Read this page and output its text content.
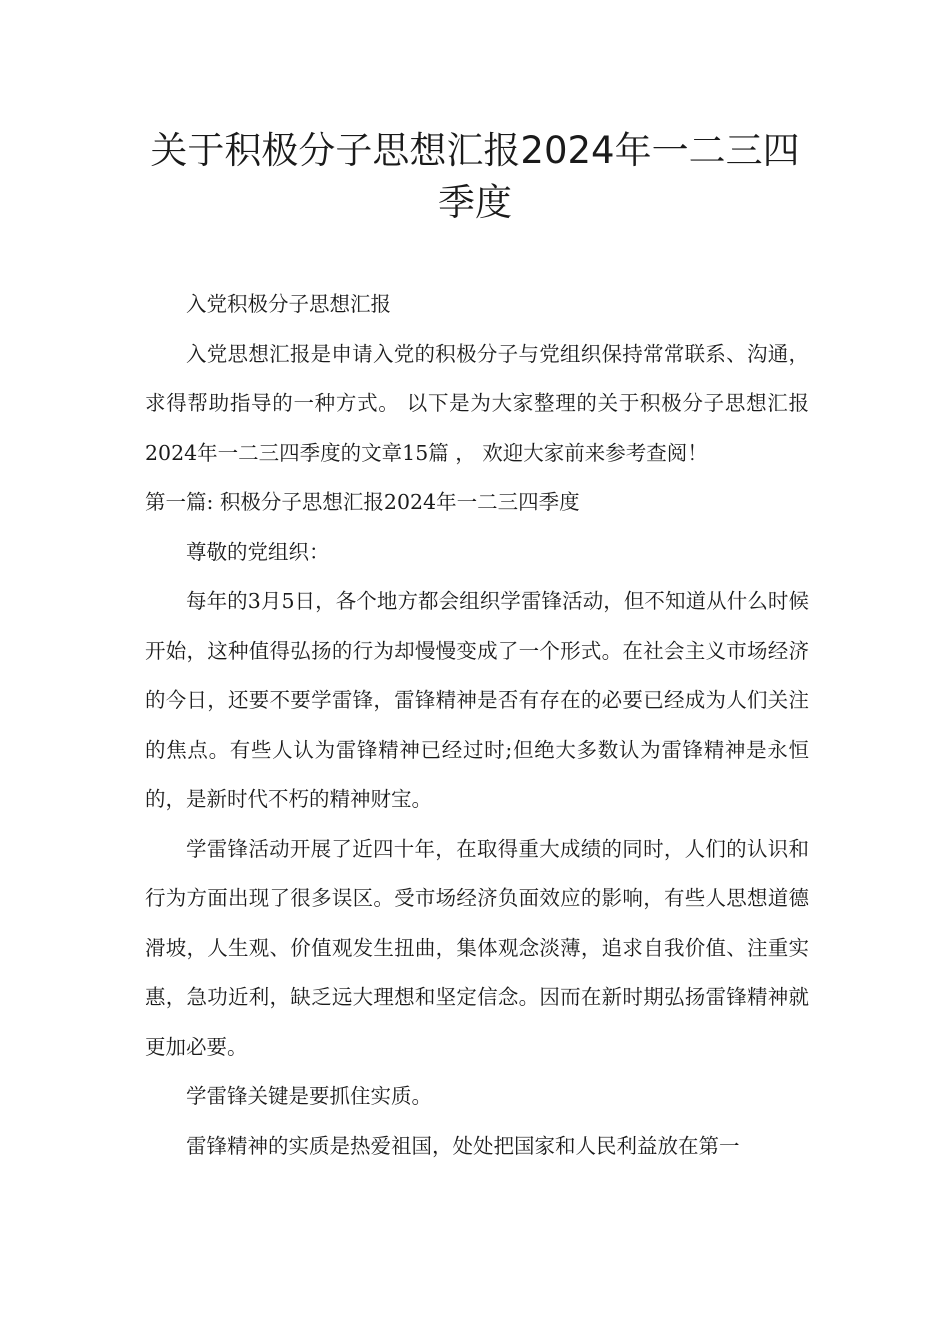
关于积极分子思想汇报2024年一二三四季度

入党积极分子思想汇报

入党思想汇报是申请入党的积极分子与党组织保持常常联系、沟通，求得帮助指导的一种方式。 以下是为大家整理的关于积极分子思想汇报2024年一二三四季度的文章15篇 ， 欢迎大家前来参考查阅！

第一篇: 积极分子思想汇报2024年一二三四季度

尊敬的党组织：

每年的3月5日，各个地方都会组织学雷锋活动，但不知道从什么时候开始，这种值得弘扬的行为却慢慢变成了一个形式。在社会主义市场经济的今日，还要不要学雷锋，雷锋精神是否有存在的必要已经成为人们关注的焦点。有些人认为雷锋精神已经过时;但绝大多数认为雷锋精神是永恒的，是新时代不朽的精神财宝。

学雷锋活动开展了近四十年，在取得重大成绩的同时，人们的认识和行为方面出现了很多误区。受市场经济负面效应的影响，有些人思想道德滑坡，人生观、价值观发生扭曲，集体观念淡薄，追求自我价值、注重实惠，急功近利，缺乏远大理想和坚定信念。因而在新时期弘扬雷锋精神就更加必要。

学雷锋关键是要抓住实质。

雷锋精神的实质是热爱祖国，处处把国家和人民利益放在第一
